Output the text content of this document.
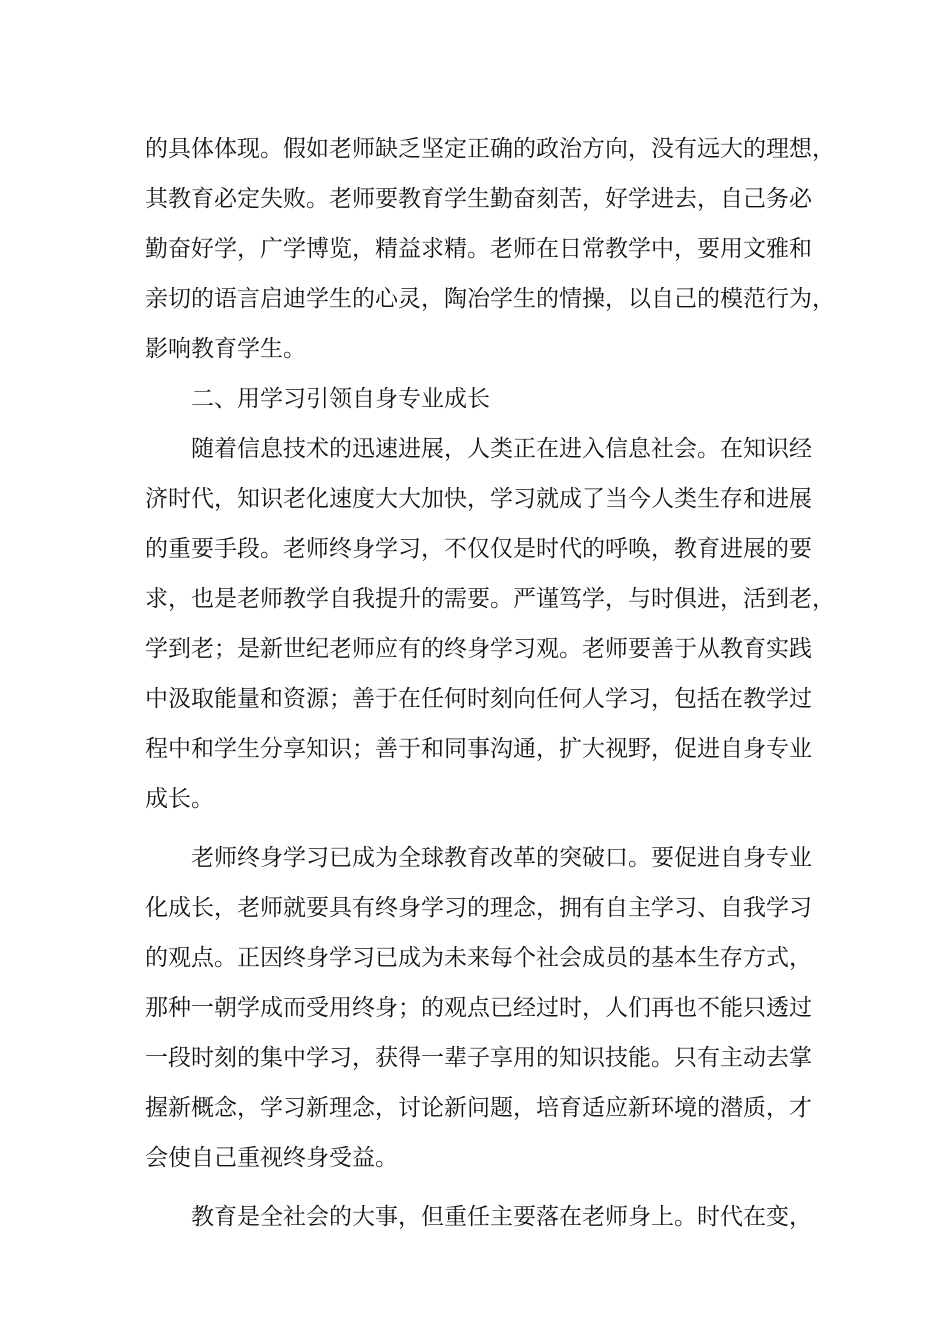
的具体体现。假如老师缺乏坚定正确的政治方向，没有远大的理想，
其教育必定失败。老师要教育学生勤奋刻苦，好学进去，自己务必
勤奋好学，广学博览，精益求精。老师在日常教学中，要用文雅和
亲切的语言启迪学生的心灵，陶冶学生的情操，以自己的模范行为，
影响教育学生。
二、用学习引领自身专业成长
随着信息技术的迅速进展，人类正在进入信息社会。在知识经
济时代，知识老化速度大大加快，学习就成了当今人类生存和进展
的重要手段。老师终身学习，不仅仅是时代的呼唤，教育进展的要
求，也是老师教学自我提升的需要。严谨笃学，与时俱进，活到老，
学到老；是新世纪老师应有的终身学习观。老师要善于从教育实践
中汲取能量和资源；善于在任何时刻向任何人学习，包括在教学过
程中和学生分享知识；善于和同事沟通，扩大视野，促进自身专业
成长。
老师终身学习已成为全球教育改革的突破口。要促进自身专业
化成长，老师就要具有终身学习的理念，拥有自主学习、自我学习
的观点。正因终身学习已成为未来每个社会成员的基本生存方式，
那种一朝学成而受用终身；的观点已经过时，人们再也不能只透过
一段时刻的集中学习，获得一辈子享用的知识技能。只有主动去掌
握新概念，学习新理念，讨论新问题，培育适应新环境的潜质，才
会使自己重视终身受益。
教育是全社会的大事，但重任主要落在老师身上。时代在变，
